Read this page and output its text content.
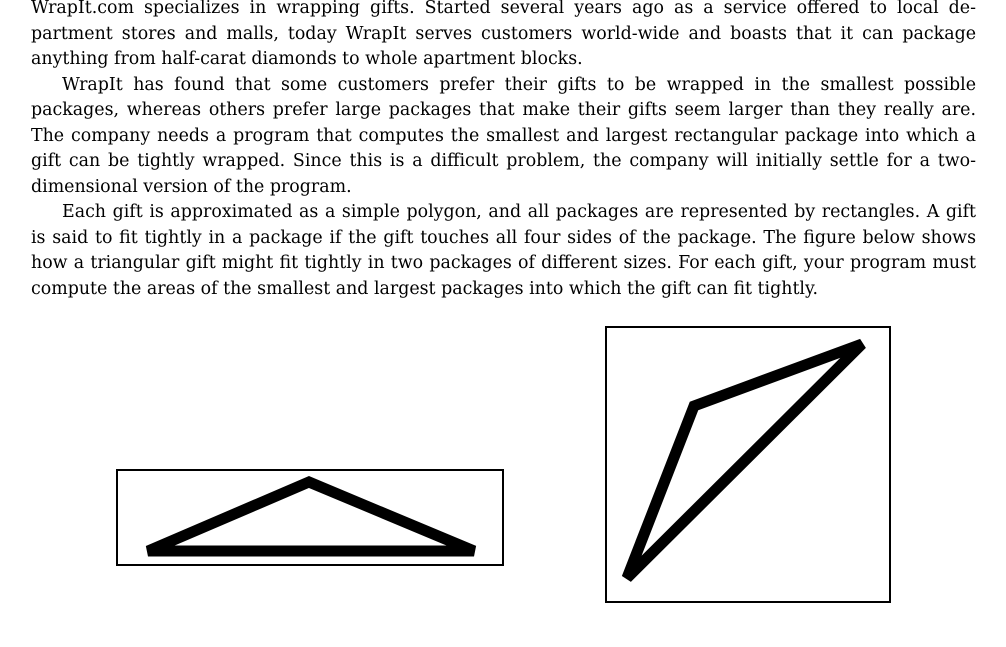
WrapIt.com specializes in wrapping gifts. Started several years ago as a service offered to local department stores and malls, today WrapIt serves customers world-wide and boasts that it can package anything from half-carat diamonds to whole apartment blocks.

WrapIt has found that some customers prefer their gifts to be wrapped in the smallest possible packages, whereas others prefer large packages that make their gifts seem larger than they really are. The company needs a program that computes the smallest and largest rectangular package into which a gift can be tightly wrapped. Since this is a difficult problem, the company will initially settle for a two-dimensional version of the program.

Each gift is approximated as a simple polygon, and all packages are represented by rectangles. A gift is said to fit tightly in a package if the gift touches all four sides of the package. The figure below shows how a triangular gift might fit tightly in two packages of different sizes. For each gift, your program must compute the areas of the smallest and largest packages into which the gift can fit tightly.
